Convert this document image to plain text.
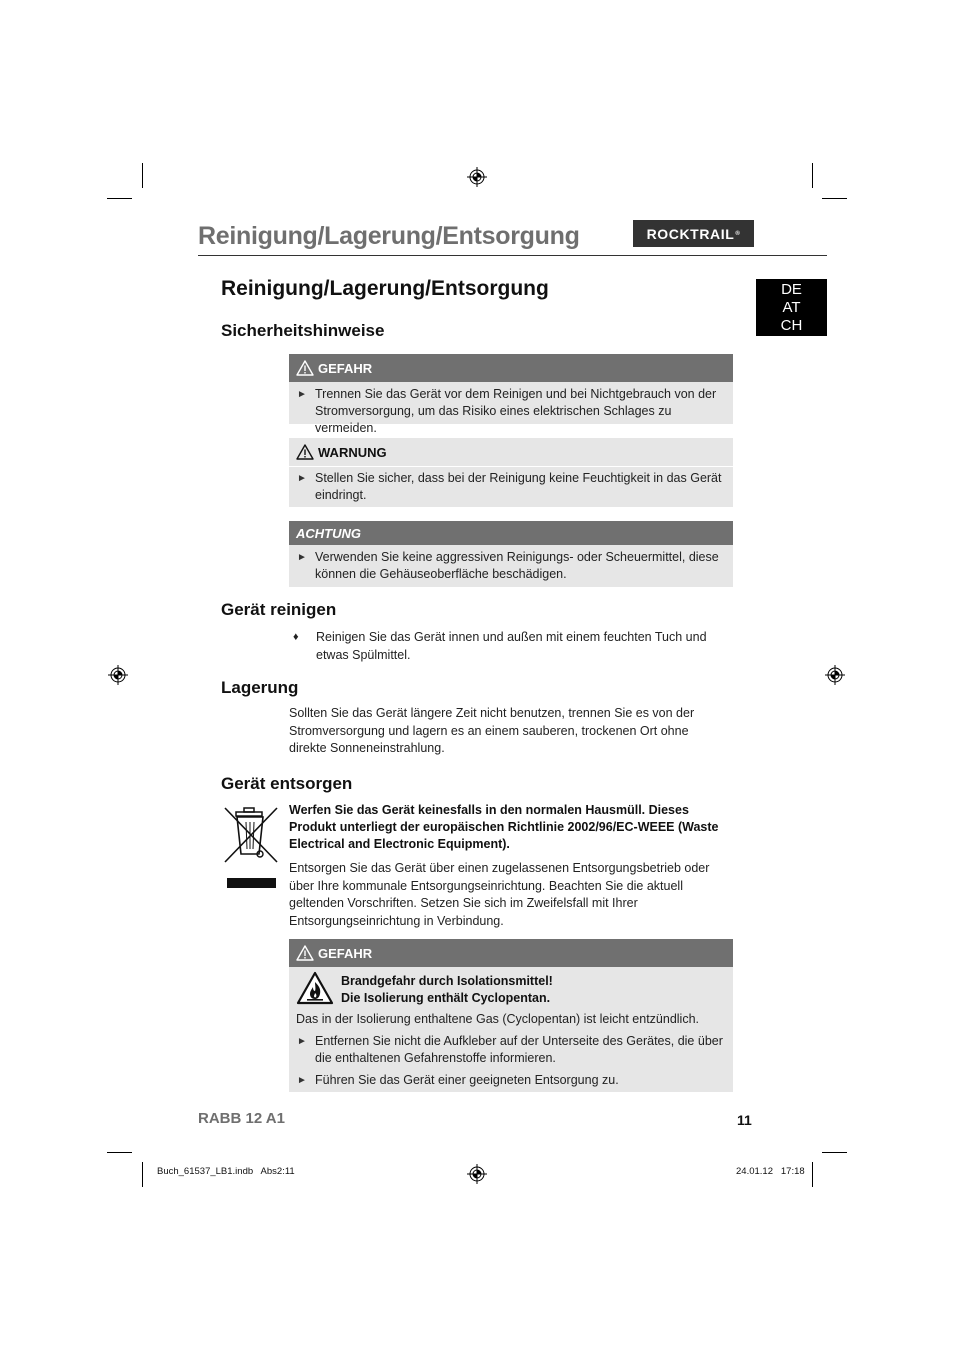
Reinigung/Lagerung/Entsorgung	ROCKTRAIL ®
DE
AT
CH
Reinigung/Lagerung/Entsorgung
Sicherheitshinweise
GEFAHR
► Trennen Sie das Gerät vor dem Reinigen und bei Nichtgebrauch von der Stromversorgung, um das Risiko eines elektrischen Schlages zu vermeiden.
WARNUNG
► Stellen Sie sicher, dass bei der Reinigung keine Feuchtigkeit in das Gerät eindringt.
ACHTUNG
► Verwenden Sie keine aggressiven Reinigungs- oder Scheuermittel, diese können die Gehäuseoberfläche beschädigen.
Gerät reinigen
♦	Reinigen Sie das Gerät innen und außen mit einem feuchten Tuch und etwas Spülmittel.
Lagerung
Sollten Sie das Gerät längere Zeit nicht benutzen, trennen Sie es von der Stromversorgung und lagern es an einem sauberen, trockenen Ort ohne direkte Sonneneinstrahlung.
Gerät entsorgen
Werfen Sie das Gerät keinesfalls in den normalen Hausmüll. Dieses Produkt unterliegt der europäischen Richtlinie 2002/96/EC-WEEE (Waste Electrical and Electronic Equipment).
Entsorgen Sie das Gerät über einen zugelassenen Entsorgungsbetrieb oder über Ihre kommunale Entsorgungseinrichtung. Beachten Sie die aktuell geltenden Vorschriften. Setzen Sie sich im Zweifelsfall mit Ihrer Entsorgungseinrichtung in Verbindung.
GEFAHR
Brandgefahr durch Isolationsmittel!
Die Isolierung enthält Cyclopentan.
Das in der Isolierung enthaltene Gas (Cyclopentan) ist leicht entzündlich.
► Entfernen Sie nicht die Aufkleber auf der Unterseite des Gerätes, die über die enthaltenen Gefahrenstoffe informieren.
► Führen Sie das Gerät einer geeigneten Entsorgung zu.
RABB 12 A1	11
Buch_61537_LB1.indb   Abs2:11	24.01.12   17:18
